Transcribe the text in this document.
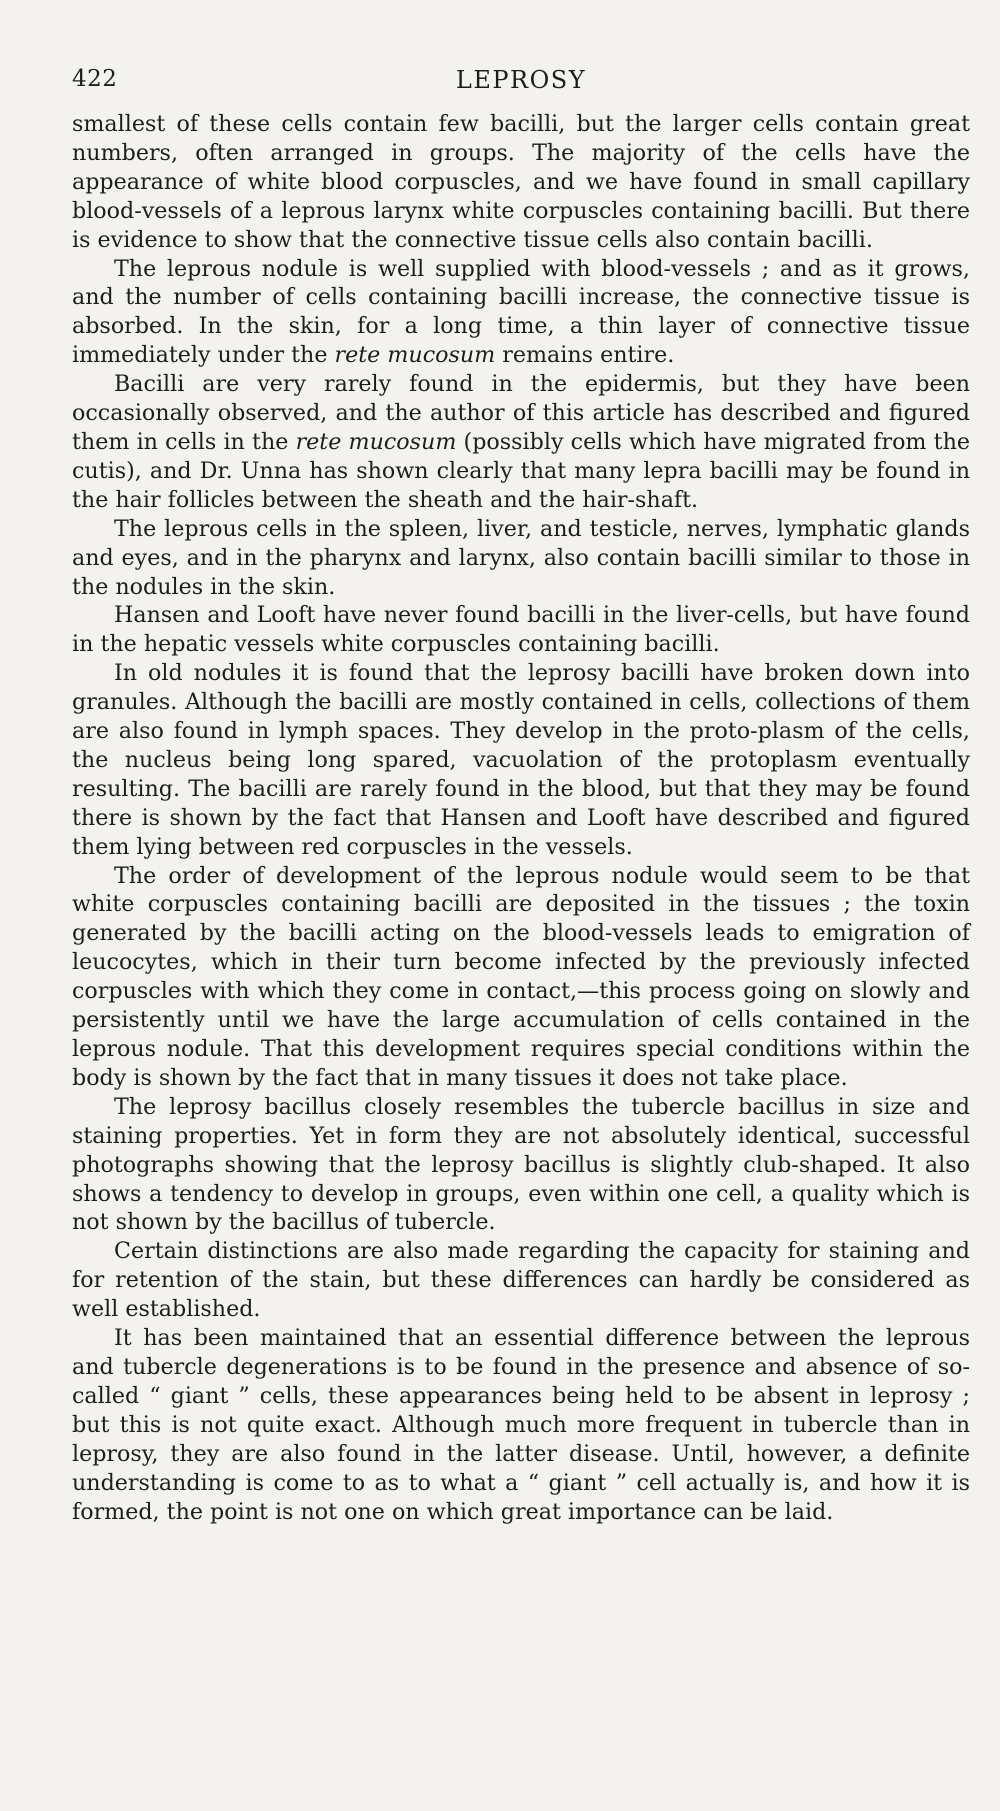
422	LEPROSY

smallest of these cells contain few bacilli, but the larger cells contain great numbers, often arranged in groups. The majority of the cells have the appearance of white blood corpuscles, and we have found in small capillary blood-vessels of a leprous larynx white corpuscles containing bacilli. But there is evidence to show that the connective tissue cells also contain bacilli.

The leprous nodule is well supplied with blood-vessels ; and as it grows, and the number of cells containing bacilli increase, the connective tissue is absorbed. In the skin, for a long time, a thin layer of connective tissue immediately under the rete mucosum remains entire.

Bacilli are very rarely found in the epidermis, but they have been occasionally observed, and the author of this article has described and figured them in cells in the rete mucosum (possibly cells which have migrated from the cutis), and Dr. Unna has shown clearly that many lepra bacilli may be found in the hair follicles between the sheath and the hair-shaft.

The leprous cells in the spleen, liver, and testicle, nerves, lymphatic glands and eyes, and in the pharynx and larynx, also contain bacilli similar to those in the nodules in the skin.

Hansen and Looft have never found bacilli in the liver-cells, but have found in the hepatic vessels white corpuscles containing bacilli.

In old nodules it is found that the leprosy bacilli have broken down into granules. Although the bacilli are mostly contained in cells, collections of them are also found in lymph spaces. They develop in the proto-plasm of the cells, the nucleus being long spared, vacuolation of the protoplasm eventually resulting. The bacilli are rarely found in the blood, but that they may be found there is shown by the fact that Hansen and Looft have described and figured them lying between red corpuscles in the vessels.

The order of development of the leprous nodule would seem to be that white corpuscles containing bacilli are deposited in the tissues ; the toxin generated by the bacilli acting on the blood-vessels leads to emigration of leucocytes, which in their turn become infected by the previously infected corpuscles with which they come in contact,—this process going on slowly and persistently until we have the large accumulation of cells contained in the leprous nodule. That this development requires special conditions within the body is shown by the fact that in many tissues it does not take place.

The leprosy bacillus closely resembles the tubercle bacillus in size and staining properties. Yet in form they are not absolutely identical, successful photographs showing that the leprosy bacillus is slightly club-shaped. It also shows a tendency to develop in groups, even within one cell, a quality which is not shown by the bacillus of tubercle.

Certain distinctions are also made regarding the capacity for staining and for retention of the stain, but these differences can hardly be considered as well established.

It has been maintained that an essential difference between the leprous and tubercle degenerations is to be found in the presence and absence of so-called “ giant ” cells, these appearances being held to be absent in leprosy ; but this is not quite exact. Although much more frequent in tubercle than in leprosy, they are also found in the latter disease. Until, however, a definite understanding is come to as to what a “ giant ” cell actually is, and how it is formed, the point is not one on which great importance can be laid.
